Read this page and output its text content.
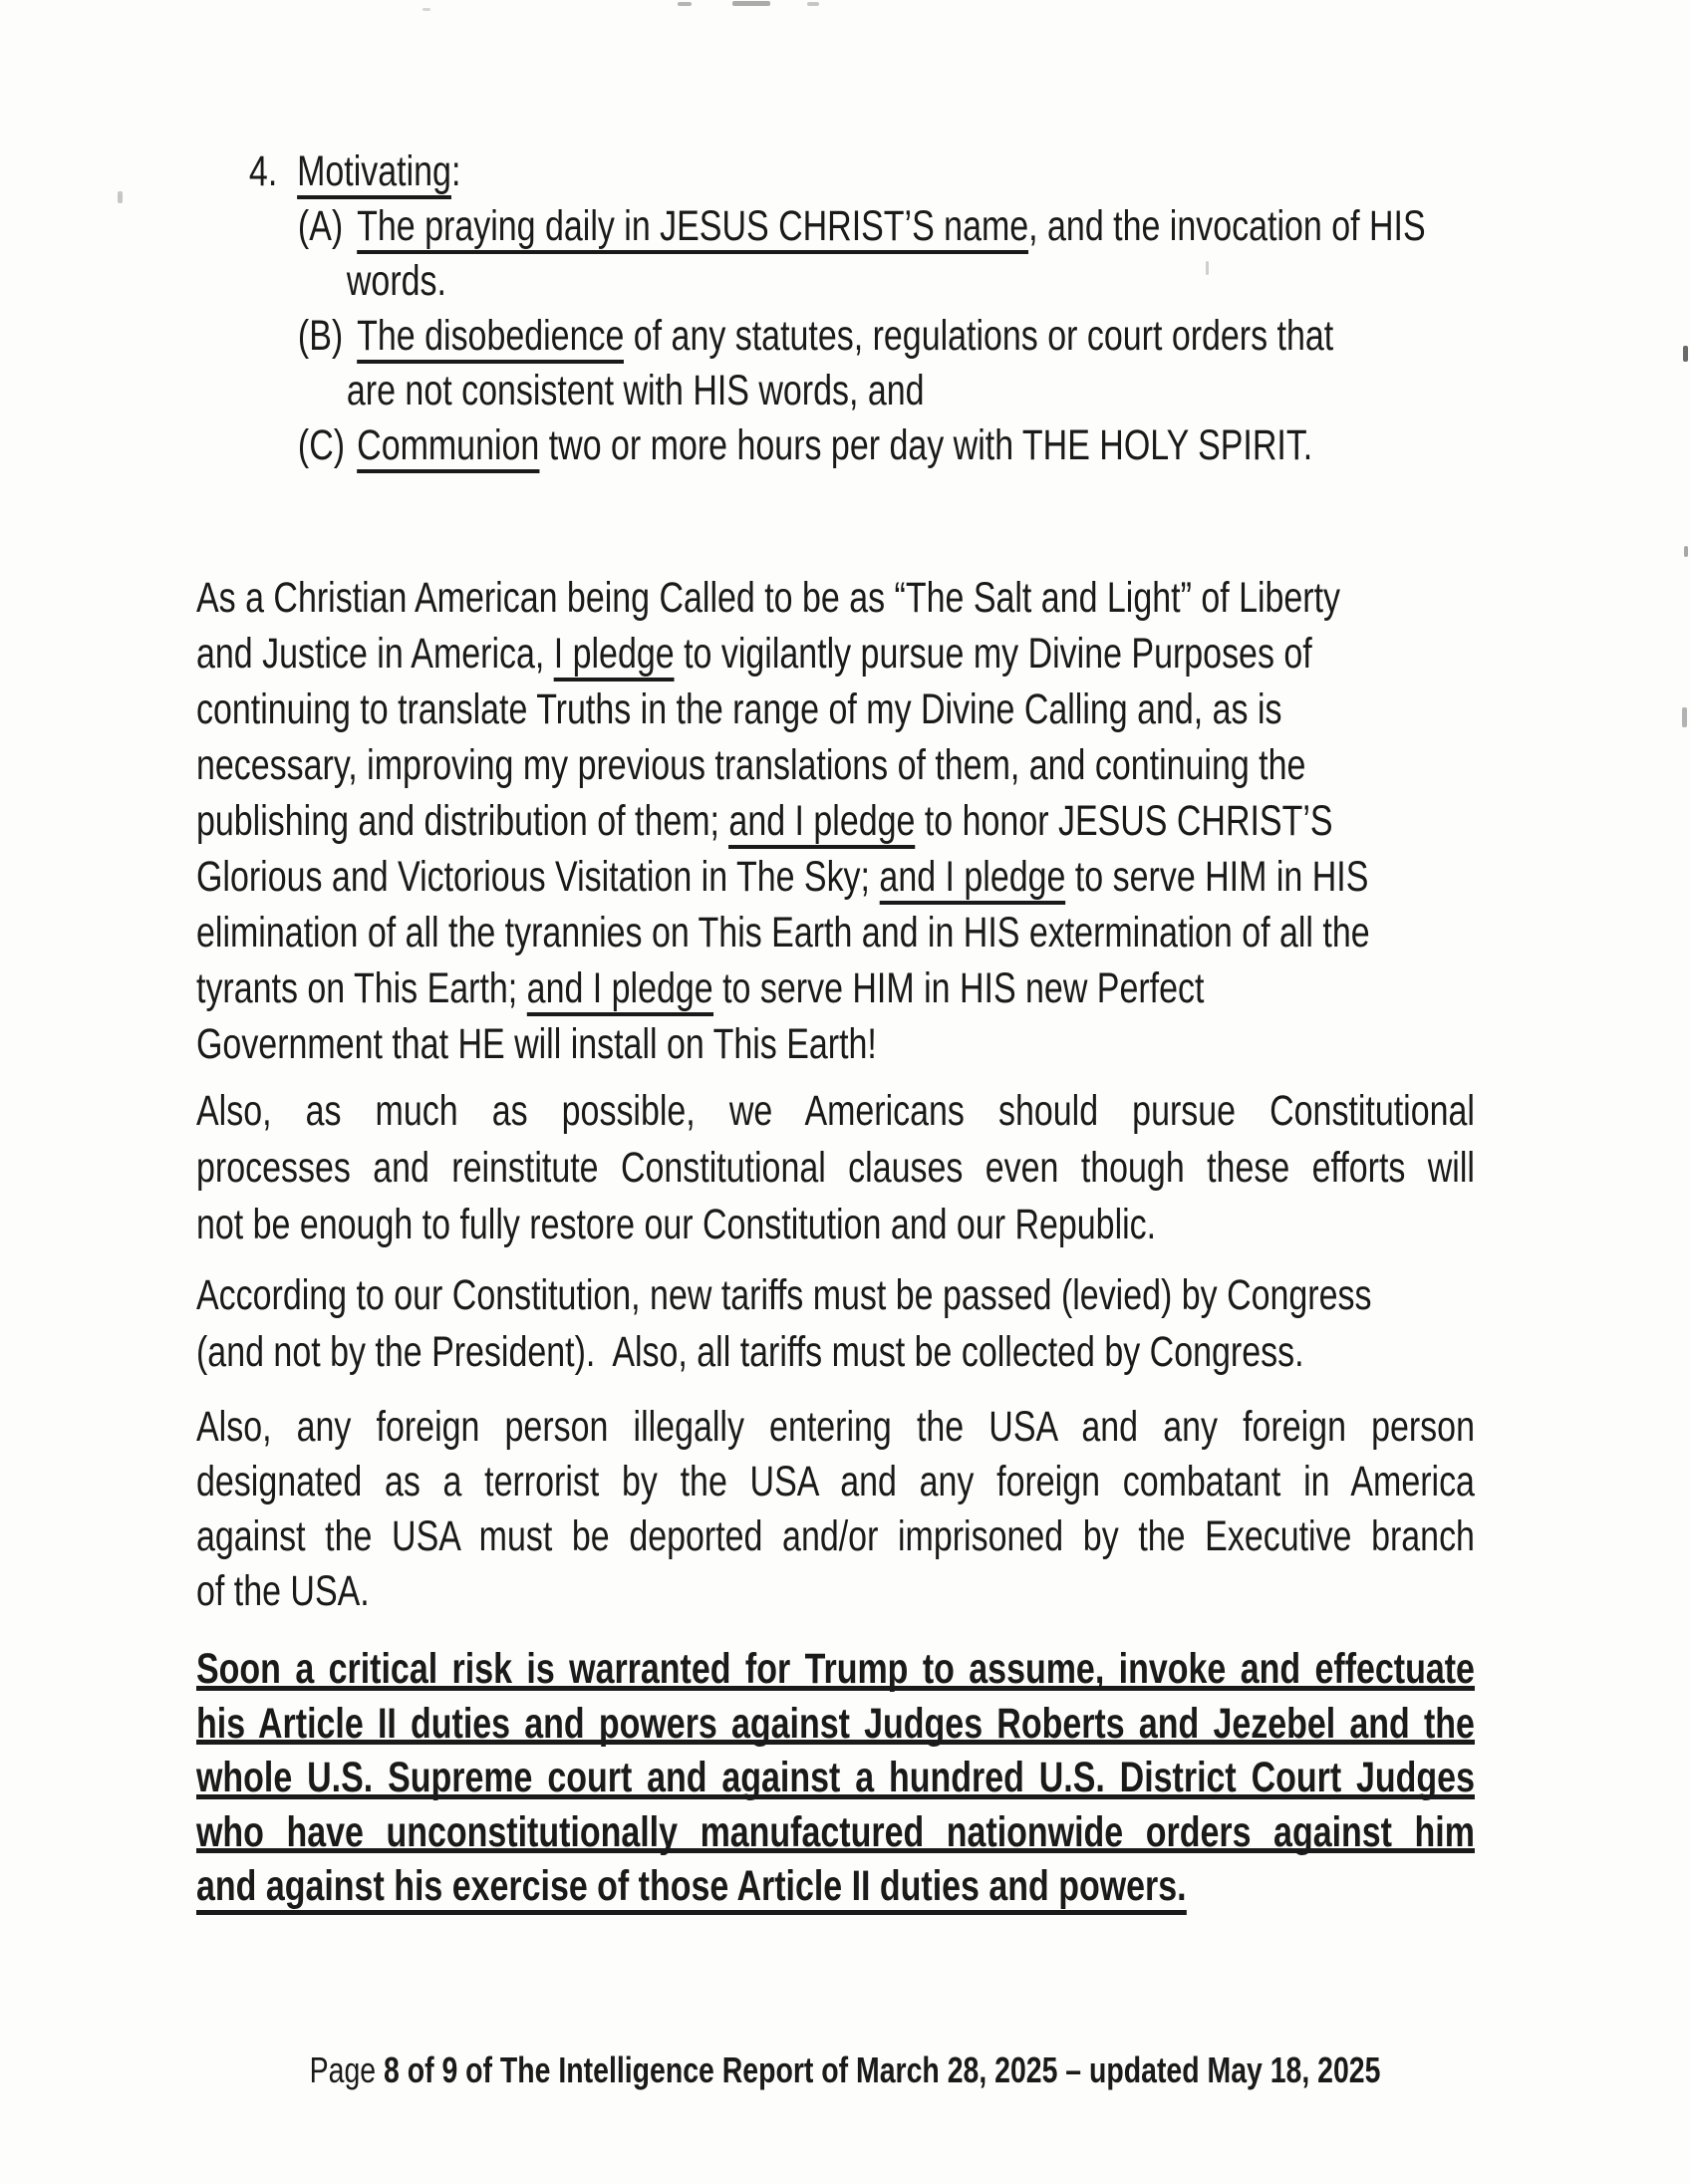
4. Motivating:
(A) The praying daily in JESUS CHRIST’S name, and the invocation of HIS
words.
(B) The disobedience of any statutes, regulations or court orders that
are not consistent with HIS words, and
(C) Communion two or more hours per day with THE HOLY SPIRIT.
As a Christian American being Called to be as “The Salt and Light” of Liberty
and Justice in America, I pledge to vigilantly pursue my Divine Purposes of
continuing to translate Truths in the range of my Divine Calling and, as is
necessary, improving my previous translations of them, and continuing the
publishing and distribution of them; and I pledge to honor JESUS CHRIST’S
Glorious and Victorious Visitation in The Sky; and I pledge to serve HIM in HIS
elimination of all the tyrannies on This Earth and in HIS extermination of all the
tyrants on This Earth; and I pledge to serve HIM in HIS new Perfect
Government that HE will install on This Earth!
Also, as much as possible, we Americans should pursue Constitutional
processes and reinstitute Constitutional clauses even though these efforts will
not be enough to fully restore our Constitution and our Republic.
According to our Constitution, new tariffs must be passed (levied) by Congress
(and not by the President).  Also, all tariffs must be collected by Congress.
Also, any foreign person illegally entering the USA and any foreign person
designated as a terrorist by the USA and any foreign combatant in America
against the USA must be deported and/or imprisoned by the Executive branch
of the USA.
Soon a critical risk is warranted for Trump to assume, invoke and effectuate
his Article II duties and powers against Judges Roberts and Jezebel and the
whole U.S. Supreme court and against a hundred U.S. District Court Judges
who have unconstitutionally manufactured nationwide orders against him
and against his exercise of those Article II duties and powers.
Page 8 of 9 of The Intelligence Report of March 28, 2025 – updated May 18, 2025
